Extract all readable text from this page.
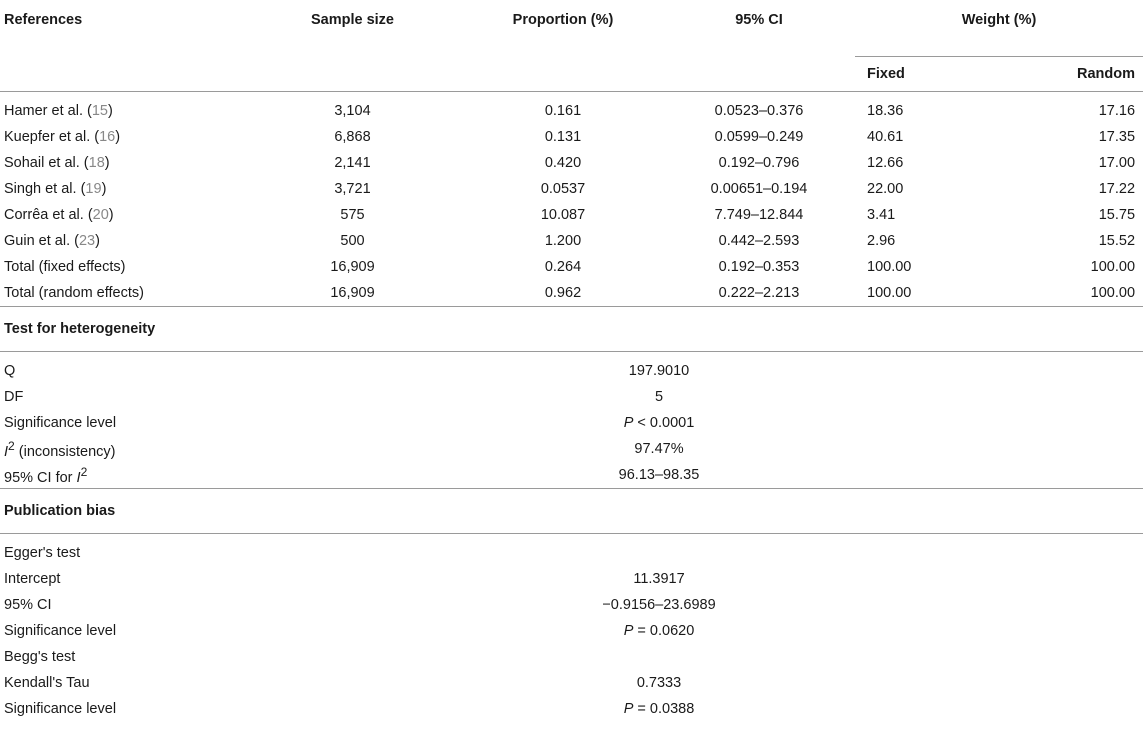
References	Sample size	Proportion (%)	95% CI	Weight (%)	
				Fixed	Random

Hamer et al. (15)	3,104	0.161	0.0523–0.376	18.36	17.16
Kuepfer et al. (16)	6,868	0.131	0.0599–0.249	40.61	17.35
Sohail et al. (18)	2,141	0.420	0.192–0.796	12.66	17.00
Singh et al. (19)	3,721	0.0537	0.00651–0.194	22.00	17.22
Corrêa et al. (20)	575	10.087	7.749–12.844	3.41	15.75
Guin et al. (23)	500	1.200	0.442–2.593	2.96	15.52
Total (fixed effects)	16,909	0.264	0.192–0.353	100.00	100.00
Total (random effects)	16,909	0.962	0.222–2.213	100.00	100.00
Test for heterogeneity					

Q		197.9010			
DF		5			
Significance level		P < 0.0001			
$I^2$ (inconsistency)		97.47%			
95% CI for $I^2$		96.13–98.35			
Publication bias					

Egger's test					
Intercept		11.3917			
95% CI		−0.9156–23.6989			
Significance level		P = 0.0620			
Begg's test					
Kendall's Tau		0.7333			
Significance level		P = 0.0388			
